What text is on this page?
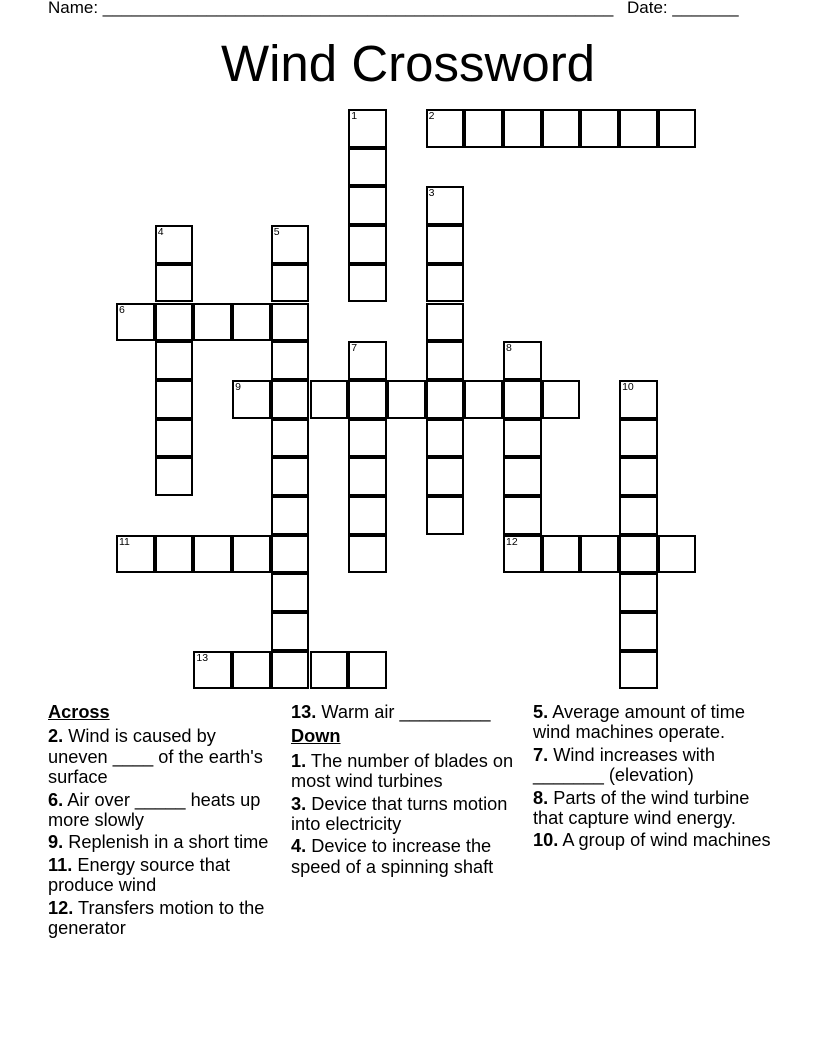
Name: ______________________________________________________ Date: _______
Wind Crossword
1	2
3
4	5
6
7	8
12
9	10
11
13
Across
2. Wind is caused by uneven ____ of the earth's surface
6. Air over _____ heats up more slowly
9. Replenish in a short time
11. Energy source that produce wind
12. Transfers motion to the generator
13. Warm air _________
Down
1. The number of blades on most wind turbines
3. Device that turns motion into electricity
4. Device to increase the speed of a spinning shaft
5. Average amount of time wind machines operate.
7. Wind increases with _______ (elevation)
8. Parts of the wind turbine that capture wind energy.
10. A group of wind machines
